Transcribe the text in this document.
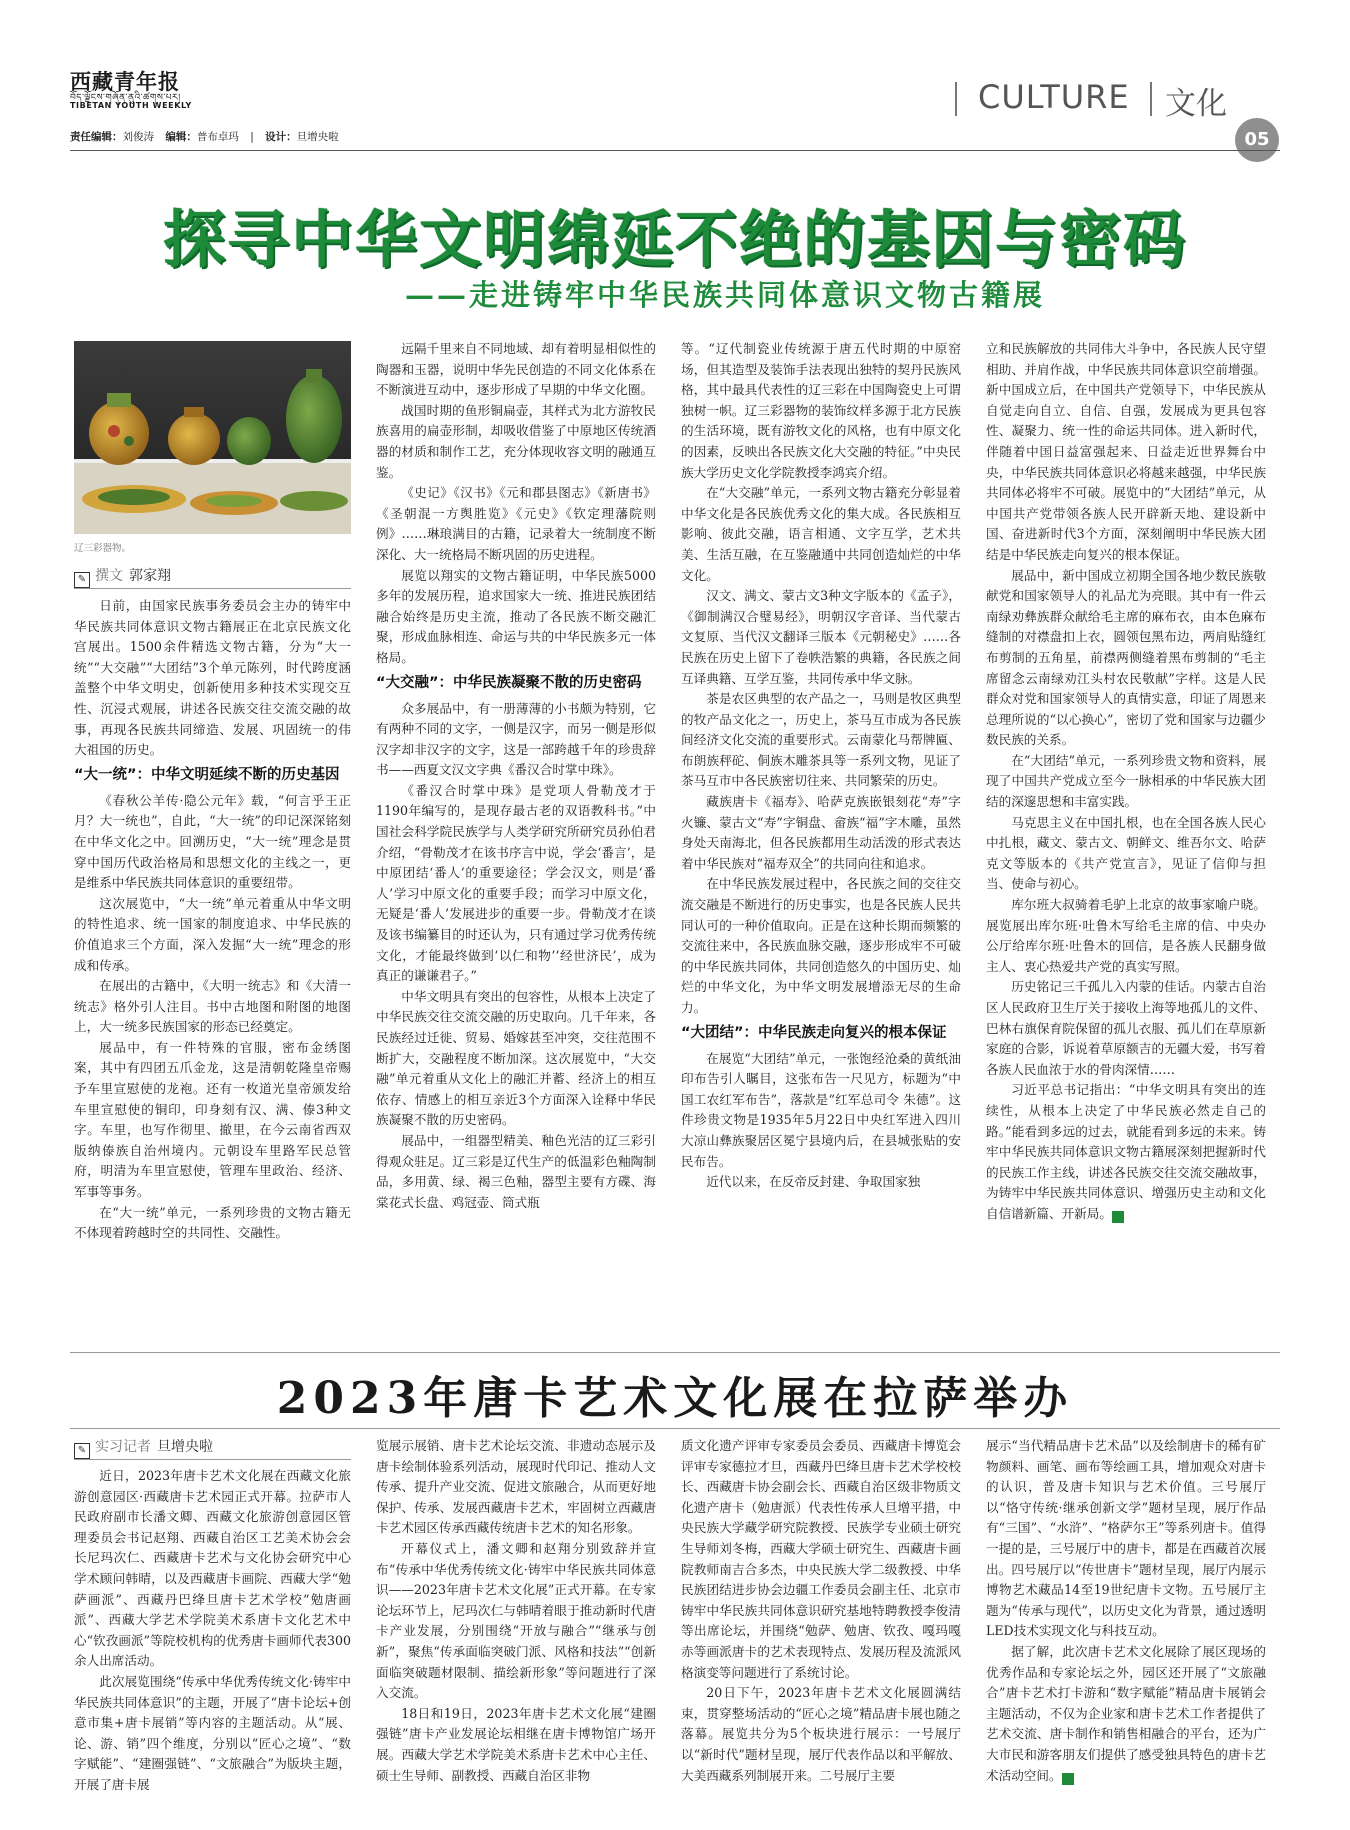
西藏青年报
བོད་ལྗོངས་གཞོན་ནུའི་ཚགས་པར།
TIBETAN YOUTH WEEKLY	CULTURE 文化
05
责任编辑：刘俊涛 编辑：普布卓玛 | 设计：旦增央啦
探寻中华文明绵延不绝的基因与密码
——走进铸牢中华民族共同体意识文物古籍展
辽三彩器物。
✎ 撰文 郭家翔

日前，由国家民族事务委员会主办的铸牢中华民族共同体意识文物古籍展正在北京民族文化宫展出。1500余件精选文物古籍，分为“大一统”“大交融”“大团结”3个单元陈列，时代跨度涵盖整个中华文明史，创新使用多种技术实现交互性、沉浸式观展，讲述各民族交往交流交融的故事，再现各民族共同缔造、发展、巩固统一的伟大祖国的历史。

“大一统”：中华文明延续不断的历史基因

《春秋公羊传·隐公元年》载，“何言乎王正月？大一统也”，自此，“大一统”的印记深深铭刻在中华文化之中。回溯历史，“大一统”理念是贯穿中国历代政治格局和思想文化的主线之一，更是维系中华民族共同体意识的重要纽带。

这次展览中，“大一统”单元着重从中华文明的特性追求、统一国家的制度追求、中华民族的价值追求三个方面，深入发掘“大一统”理念的形成和传承。

在展出的古籍中，《大明一统志》和《大清一统志》格外引人注目。书中古地图和附图的地图上，大一统多民族国家的形态已经奠定。

展品中，有一件特殊的官服，密布金绣图案，其中有四团五爪金龙，这是清朝乾隆皇帝赐予车里宣慰使的龙袍。还有一枚道光皇帝颁发给车里宣慰使的铜印，印身刻有汉、满、傣3种文字。车里，也写作彻里、撤里，在今云南省西双版纳傣族自治州境内。元朝设车里路军民总管府，明清为车里宣慰使，管理车里政治、经济、军事等事务。

在“大一统”单元，一系列珍贵的文物古籍无不体现着跨越时空的共同性、交融性。

远隔千里来自不同地域、却有着明显相似性的陶器和玉器，说明中华先民创造的不同文化体系在不断演进互动中，逐步形成了早期的中华文化圈。

战国时期的鱼形铜扁壶，其样式为北方游牧民族喜用的扁壶形制，却吸收借鉴了中原地区传统酒器的材质和制作工艺，充分体现收容文明的融通互鉴。

《史记》《汉书》《元和郡县图志》《新唐书》《圣朝混一方舆胜览》《元史》《钦定理藩院则例》……琳琅满目的古籍，记录着大一统制度不断深化、大一统格局不断巩固的历史进程。

展览以翔实的文物古籍证明，中华民族5000多年的发展历程，追求国家大一统、推进民族团结融合始终是历史主流，推动了各民族不断交融汇聚，形成血脉相连、命运与共的中华民族多元一体格局。

“大交融”：中华民族凝聚不散的历史密码

众多展品中，有一册薄薄的小书颇为特别，它有两种不同的文字，一侧是汉字，而另一侧是形似汉字却非汉字的文字，这是一部跨越千年的珍贵辞书——西夏文汉文字典《番汉合时掌中珠》。

《番汉合时掌中珠》是党项人骨勒茂才于1190年编写的，是现存最古老的双语教科书。”中国社会科学院民族学与人类学研究所研究员孙伯君介绍，“骨勒茂才在该书序言中说，学会‘番言’，是中原团结‘番人’的重要途径；学会汉文，则是‘番人’学习中原文化的重要手段；而学习中原文化，无疑是‘番人’发展进步的重要一步。骨勒茂才在谈及该书编纂目的时还认为，只有通过学习优秀传统文化，才能最终做到‘以仁和物’‘经世济民’，成为真正的谦谦君子。”

中华文明具有突出的包容性，从根本上决定了中华民族交往交流交融的历史取向。几千年来，各民族经过迁徙、贸易、婚嫁甚至冲突，交往范围不断扩大，交融程度不断加深。这次展览中，“大交融”单元着重从文化上的融汇并蓄、经济上的相互依存、情感上的相互亲近3个方面深入诠释中华民族凝聚不散的历史密码。

展品中，一组器型精美、釉色光洁的辽三彩引得观众驻足。辽三彩是辽代生产的低温彩色釉陶制品，多用黄、绿、褐三色釉，器型主要有方碟、海棠花式长盘、鸡冠壶、筒式瓶

等。“辽代制瓷业传统源于唐五代时期的中原窑场，但其造型及装饰手法表现出独特的契丹民族风格，其中最具代表性的辽三彩在中国陶瓷史上可谓独树一帜。辽三彩器物的装饰纹样多源于北方民族的生活环境，既有游牧文化的风格，也有中原文化的因素，反映出各民族文化大交融的特征。”中央民族大学历史文化学院教授李鸿宾介绍。

在“大交融”单元，一系列文物古籍充分彰显着中华文化是各民族优秀文化的集大成。各民族相互影响、彼此交融，语言相通、文字互学，艺术共美、生活互融，在互鉴融通中共同创造灿烂的中华文化。

汉文、满文、蒙古文3种文字版本的《孟子》，《御制满汉合璧易经》，明朝汉字音译、当代蒙古文复原、当代汉文翻译三版本《元朝秘史》……各民族在历史上留下了卷帙浩繁的典籍，各民族之间互译典籍、互学互鉴，共同传承中华文脉。

茶是农区典型的农产品之一，马则是牧区典型的牧产品文化之一，历史上，茶马互市成为各民族间经济文化交流的重要形式。云南蒙化马帮牌匾、布朗族秤砣、侗族木雕茶具等一系列文物，见证了茶马互市中各民族密切往来、共同繁荣的历史。

藏族唐卡《福寿》、哈萨克族嵌银刻花“寿”字火镰、蒙古文“寿”字铜盘、畲族“福”字木雕，虽然身处天南海北，但各民族都用生动活泼的形式表达着中华民族对“福寿双全”的共同向往和追求。

在中华民族发展过程中，各民族之间的交往交流交融是不断进行的历史事实，也是各民族人民共同认可的一种价值取向。正是在这种长期而频繁的交流往来中，各民族血脉交融，逐步形成牢不可破的中华民族共同体，共同创造悠久的中国历史、灿烂的中华文化，为中华文明发展增添无尽的生命力。

“大团结”：中华民族走向复兴的根本保证

在展览“大团结”单元，一张饱经沧桑的黄纸油印布告引人瞩目，这张布告一尺见方，标题为“中国工农红军布告”，落款是“红军总司令 朱德”。这件珍贵文物是1935年5月22日中央红军进入四川大凉山彝族聚居区冕宁县境内后，在县城张贴的安民布告。

近代以来，在反帝反封建、争取国家独

立和民族解放的共同伟大斗争中，各民族人民守望相助、并肩作战，中华民族共同体意识空前增强。新中国成立后，在中国共产党领导下，中华民族从自觉走向自立、自信、自强，发展成为更具包容性、凝聚力、统一性的命运共同体。进入新时代，伴随着中国日益富强起来、日益走近世界舞台中央，中华民族共同体意识必将越来越强，中华民族共同体必将牢不可破。展览中的“大团结”单元，从中国共产党带领各族人民开辟新天地、建设新中国、奋进新时代3个方面，深刻阐明中华民族大团结是中华民族走向复兴的根本保证。

展品中，新中国成立初期全国各地少数民族敬献党和国家领导人的礼品尤为亮眼。其中有一件云南绿劝彝族群众献给毛主席的麻布衣，由本色麻布缝制的对襟盘扣上衣，圆领包黑布边，两肩贴缝红布剪制的五角星，前襟两侧缝着黑布剪制的“毛主席留念云南绿劝江头村农民敬献”字样。这是人民群众对党和国家领导人的真情实意，印证了周恩来总理所说的“以心换心”，密切了党和国家与边疆少数民族的关系。

在“大团结”单元，一系列珍贵文物和资料，展现了中国共产党成立至今一脉相承的中华民族大团结的深邃思想和丰富实践。

马克思主义在中国扎根，也在全国各族人民心中扎根，藏文、蒙古文、朝鲜文、维吾尔文、哈萨克文等版本的《共产党宣言》，见证了信仰与担当、使命与初心。

库尔班大叔骑着毛驴上北京的故事家喻户晓。展览展出库尔班·吐鲁木写给毛主席的信、中央办公厅给库尔班·吐鲁木的回信，是各族人民翻身做主人、衷心热爱共产党的真实写照。

历史铭记三千孤儿入内蒙的佳话。内蒙古自治区人民政府卫生厅关于接收上海等地孤儿的文件、巴林右旗保育院保留的孤儿衣服、孤儿们在草原新家庭的合影，诉说着草原额吉的无疆大爱，书写着各族人民血浓于水的骨肉深情……

习近平总书记指出：“中华文明具有突出的连续性，从根本上决定了中华民族必然走自己的路。”能看到多远的过去，就能看到多远的未来。铸牢中华民族共同体意识文物古籍展深刻把握新时代的民族工作主线，讲述各民族交往交流交融故事，为铸牢中华民族共同体意识、增强历史主动和文化自信谱新篇、开新局。	✦

2023年唐卡艺术文化展在拉萨举办
✎ 实习记者 旦增央啦

近日，2023年唐卡艺术文化展在西藏文化旅游创意园区·西藏唐卡艺术园正式开幕。拉萨市人民政府副市长潘文卿、西藏文化旅游创意园区管理委员会书记赵翔、西藏自治区工艺美术协会会长尼玛次仁、西藏唐卡艺术与文化协会研究中心学术顾问韩晴，以及西藏唐卡画院、西藏大学“勉萨画派”、西藏丹巴绛旦唐卡艺术学校“勉唐画派”、西藏大学艺术学院美术系唐卡文化艺术中心“钦孜画派”等院校机构的优秀唐卡画师代表300余人出席活动。

此次展览围绕“传承中华优秀传统文化·铸牢中华民族共同体意识”的主题，开展了“唐卡论坛+创意市集+唐卡展销”等内容的主题活动。从“展、论、游、销”四个维度，分别以“匠心之境”、“数字赋能”、“建圈强链”、“文旅融合”为版块主题，开展了唐卡展

览展示展销、唐卡艺术论坛交流、非遗动态展示及唐卡绘制体验系列活动，展现时代印记、推动人文传承、提升产业交流、促进文旅融合，从而更好地保护、传承、发展西藏唐卡艺术，牢固树立西藏唐卡艺术园区传承西藏传统唐卡艺术的知名形象。

开幕仪式上，潘文卿和赵翔分别致辞并宣布“传承中华优秀传统文化·铸牢中华民族共同体意识——2023年唐卡艺术文化展”正式开幕。在专家论坛环节上，尼玛次仁与韩晴着眼于推动新时代唐卡产业发展，分别围绕“开放与融合”“继承与创新”，聚焦“传承面临突破门派、风格和技法”“创新面临突破题材限制、描绘新形象”等问题进行了深入交流。

18日和19日，2023年唐卡艺术文化展“建圈强链”唐卡产业发展论坛相继在唐卡博物馆广场开展。西藏大学艺术学院美术系唐卡艺术中心主任、硕士生导师、副教授、西藏自治区非物

质文化遗产评审专家委员会委员、西藏唐卡博览会评审专家德拉才旦，西藏丹巴绛旦唐卡艺术学校校长、西藏唐卡协会副会长、西藏自治区级非物质文化遗产唐卡（勉唐派）代表性传承人旦增平措，中央民族大学藏学研究院教授、民族学专业硕士研究生导师刘冬梅，西藏大学硕士研究生、西藏唐卡画院教师南吉合多杰，中央民族大学二级教授、中华民族团结进步协会边疆工作委员会副主任、北京市铸牢中华民族共同体意识研究基地特聘教授李俊清等出席论坛，并围绕“勉萨、勉唐、钦孜、嘎玛嘎赤等画派唐卡的艺术表现特点、发展历程及流派风格演变等问题进行了系统讨论。

20日下午，2023年唐卡艺术文化展圆满结束，贯穿整场活动的“匠心之境”精品唐卡展也随之落幕。展览共分为5个板块进行展示：一号展厅以“新时代”题材呈现，展厅代表作品以和平解放、大美西藏系列制展开来。二号展厅主要

展示“当代精品唐卡艺术品”以及绘制唐卡的稀有矿物颜料、画笔、画布等绘画工具，增加观众对唐卡的认识，普及唐卡知识与艺术价值。三号展厅以“恪守传统·继承创新文学”题材呈现，展厅作品有“三国”、“水浒”、“格萨尔王”等系列唐卡。值得一提的是，三号展厅中的唐卡，都是在西藏首次展出。四号展厅以“传世唐卡”题材呈现，展厅内展示博物艺术藏品14至19世纪唐卡文物。五号展厅主题为“传承与现代”，以历史文化为背景，通过透明LED技术实现文化与科技互动。

据了解，此次唐卡艺术文化展除了展区现场的优秀作品和专家论坛之外，园区还开展了“文旅融合”唐卡艺术打卡游和“数字赋能”精品唐卡展销会主题活动，不仅为企业家和唐卡艺术工作者提供了艺术交流、唐卡制作和销售相融合的平台，还为广大市民和游客朋友们提供了感受独具特色的唐卡艺术活动空间。	✦
